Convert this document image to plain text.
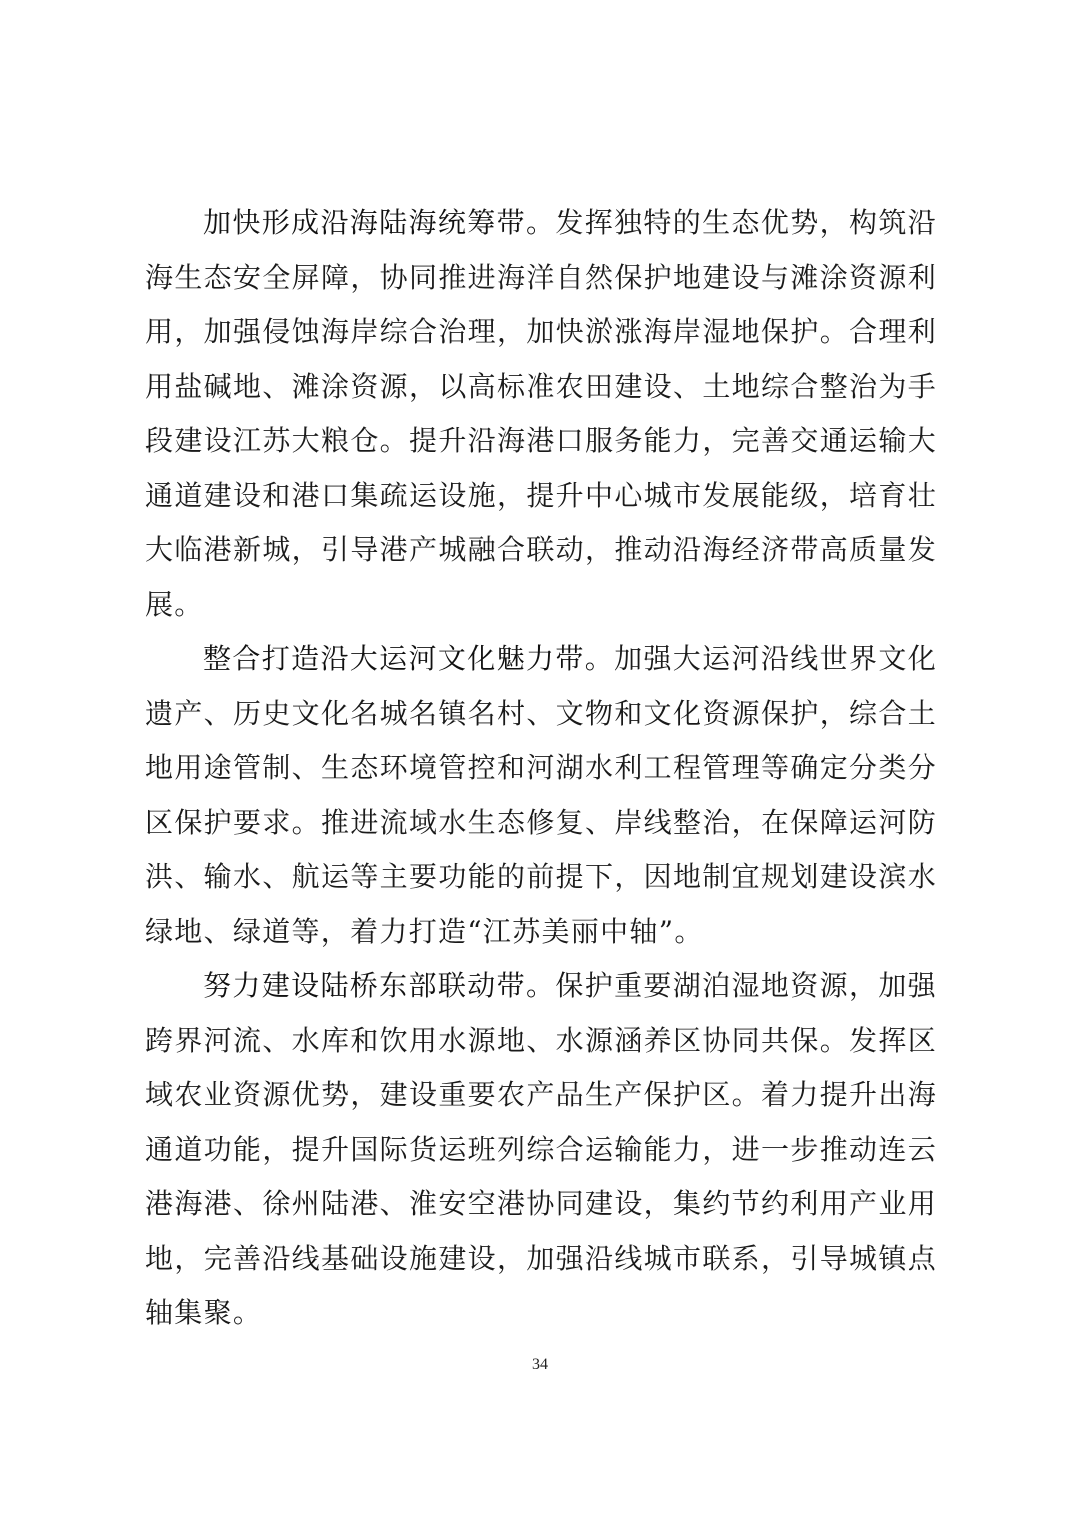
加快形成沿海陆海统筹带。发挥独特的生态优势，构筑沿海生态安全屏障，协同推进海洋自然保护地建设与滩涂资源利用，加强侵蚀海岸综合治理，加快淤涨海岸湿地保护。合理利用盐碱地、滩涂资源，以高标准农田建设、土地综合整治为手段建设江苏大粮仓。提升沿海港口服务能力，完善交通运输大通道建设和港口集疏运设施，提升中心城市发展能级，培育壮大临港新城，引导港产城融合联动，推动沿海经济带高质量发展。

整合打造沿大运河文化魅力带。加强大运河沿线世界文化遗产、历史文化名城名镇名村、文物和文化资源保护，综合土地用途管制、生态环境管控和河湖水利工程管理等确定分类分区保护要求。推进流域水生态修复、岸线整治，在保障运河防洪、输水、航运等主要功能的前提下，因地制宜规划建设滨水绿地、绿道等，着力打造“江苏美丽中轴”。

努力建设陆桥东部联动带。保护重要湖泊湿地资源，加强跨界河流、水库和饮用水源地、水源涵养区协同共保。发挥区域农业资源优势，建设重要农产品生产保护区。着力提升出海通道功能，提升国际货运班列综合运输能力，进一步推动连云港海港、徐州陆港、淮安空港协同建设，集约节约利用产业用地，完善沿线基础设施建设，加强沿线城市联系，引导城镇点轴集聚。

34
